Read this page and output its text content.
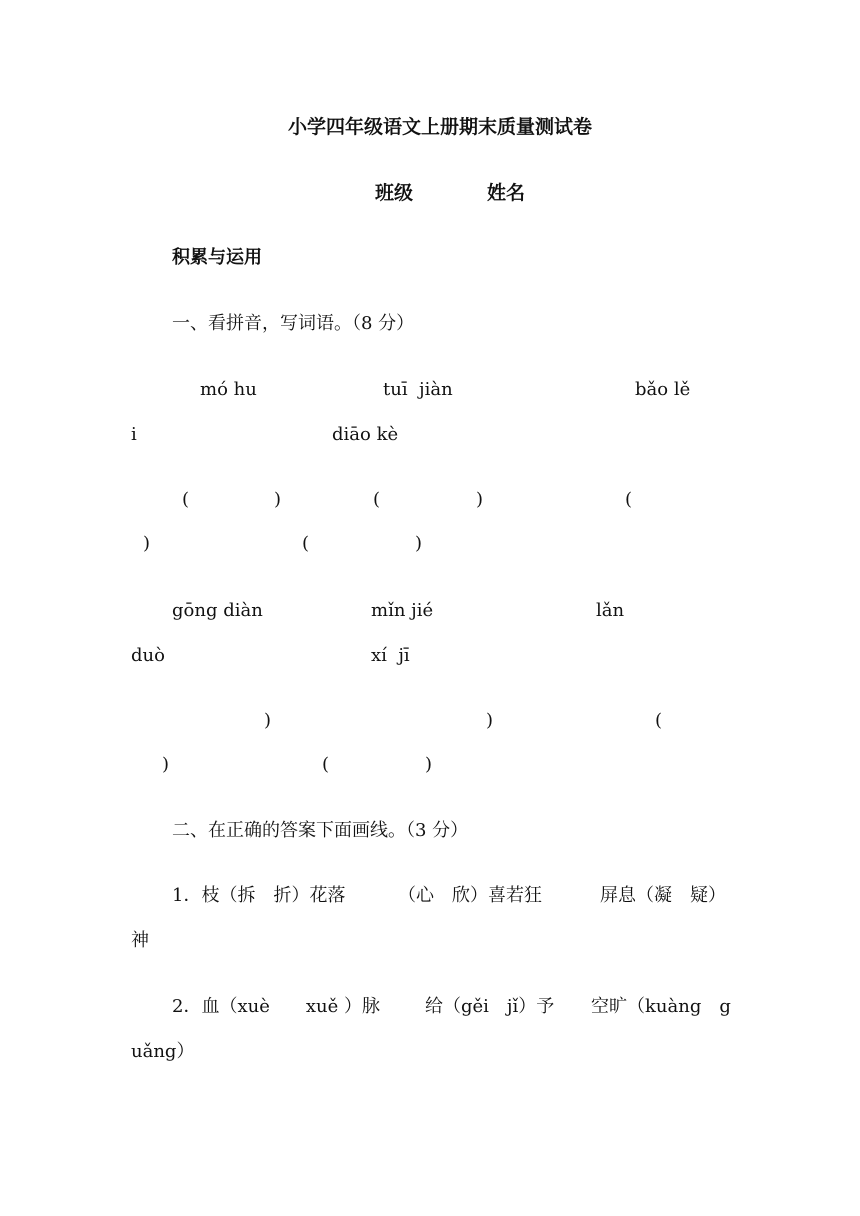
小学四年级语文上册期末质量测试卷
班级	姓名
积累与运用
一、看拼音，写词语。（8 分）
mó hu	tuī  jiàn	bǎo lě
i	diāo kè
(	)	(	)	(
)	(	)
gōng diàn	mǐn jié	lǎn
duò	xí  jī
)	)	(
)	(	)
二、在正确的答案下面画线。（3 分）
1．枝（拆　折）花落	（心　欣）喜若狂	屏息（凝　疑）
神
2．血（xuè　　xuě ）脉	给（gěi　jǐ）予 空旷（kuàng　g
uǎng）
